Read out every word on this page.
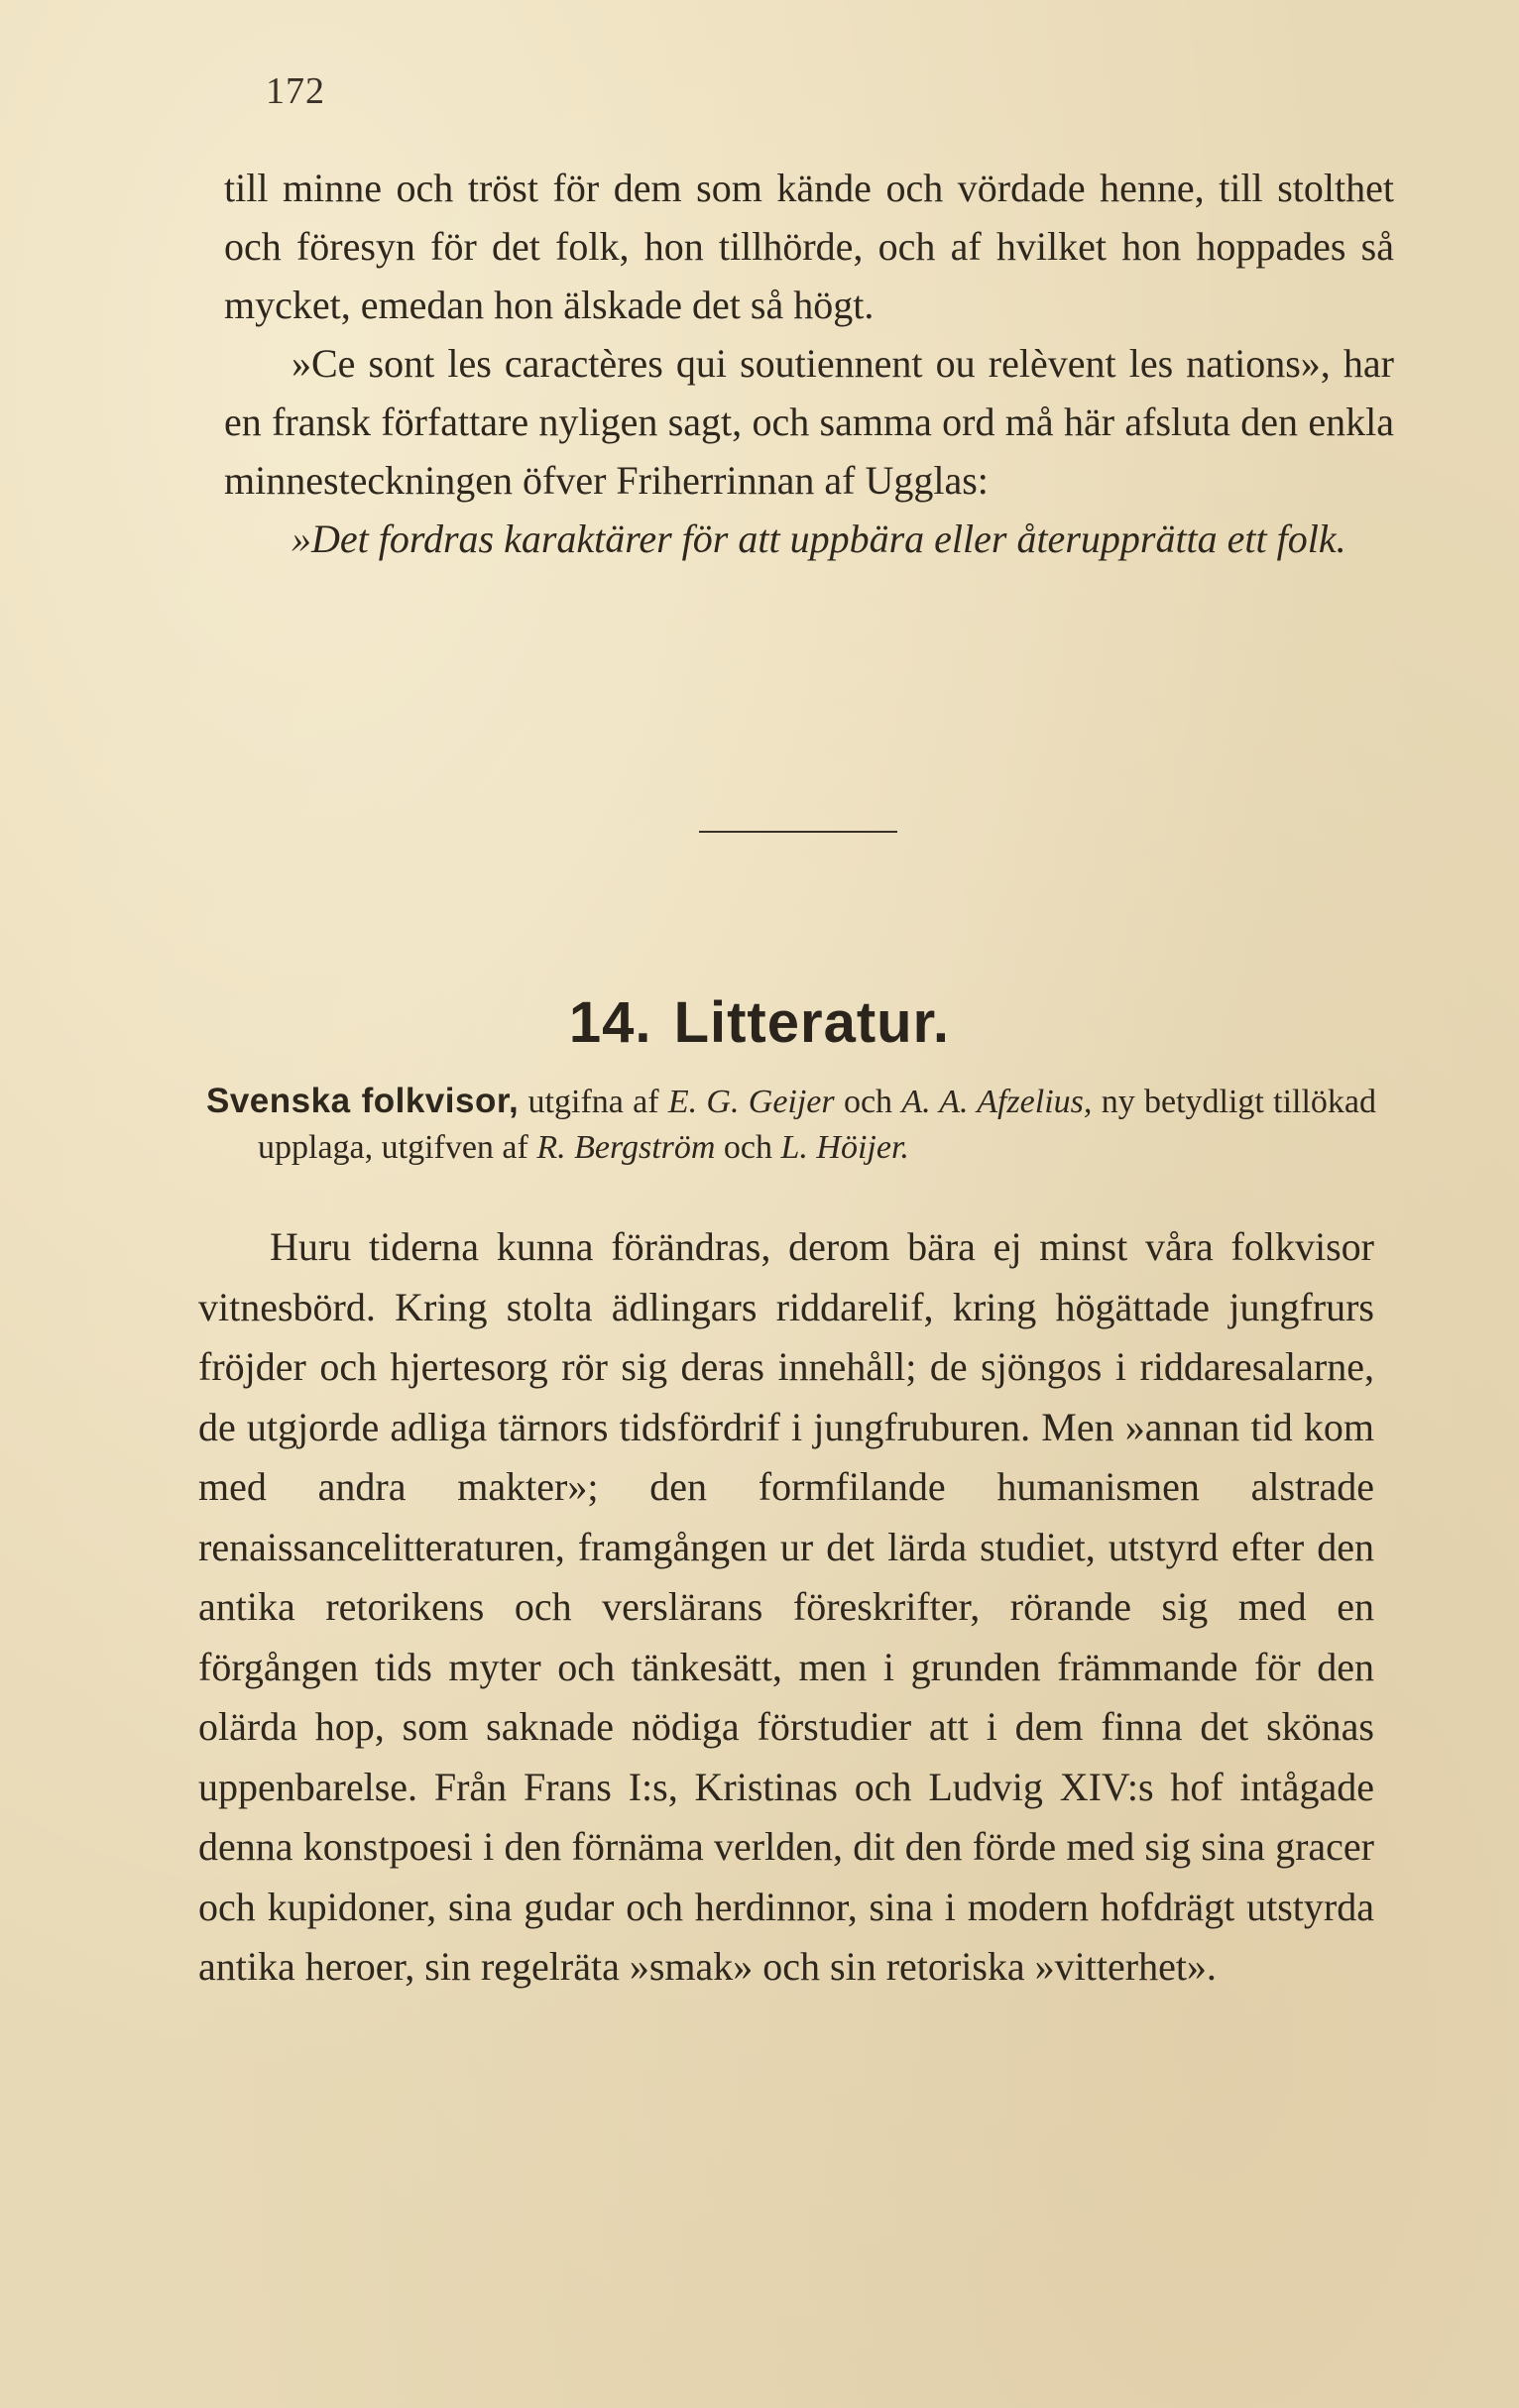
172

till minne och tröst för dem som kände och vördade henne, till stolthet och föresyn för det folk, hon tillhörde, och af hvilket hon hoppades så mycket, emedan hon älskade det så högt.

»Ce sont les caractères qui soutiennent ou relèvent les nations», har en fransk författare nyligen sagt, och samma ord må här afsluta den enkla minnesteckningen öfver Friherrinnan af Ugglas:

»Det fordras karaktärer för att uppbära eller återupprätta ett folk.

14. Litteratur.

Svenska folkvisor, utgifna af E. G. Geijer och A. A. Afzelius, ny betydligt tillökad upplaga, utgifven af R. Bergström och L. Höijer.

Huru tiderna kunna förändras, derom bära ej minst våra folkvisor vitnesbörd. Kring stolta ädlingars riddarelif, kring högättade jungfrurs fröjder och hjertesorg rör sig deras innehåll; de sjöngos i riddaresalarne, de utgjorde adliga tärnors tidsfördrif i jungfruburen. Men »annan tid kom med andra makter»; den formfilande humanismen alstrade renaissancelitteraturen, framgången ur det lärda studiet, utstyrd efter den antika retorikens och verslärans föreskrifter, rörande sig med en förgången tids myter och tänkesätt, men i grunden främmande för den olärda hop, som saknade nödiga förstudier att i dem finna det skönas uppenbarelse. Från Frans I:s, Kristinas och Ludvig XIV:s hof intågade denna konstpoesi i den förnäma verlden, dit den förde med sig sina gracer och kupidoner, sina gudar och herdinnor, sina i modern hofdrägt utstyrda antika heroer, sin regelräta »smak» och sin retoriska »vitterhet».
